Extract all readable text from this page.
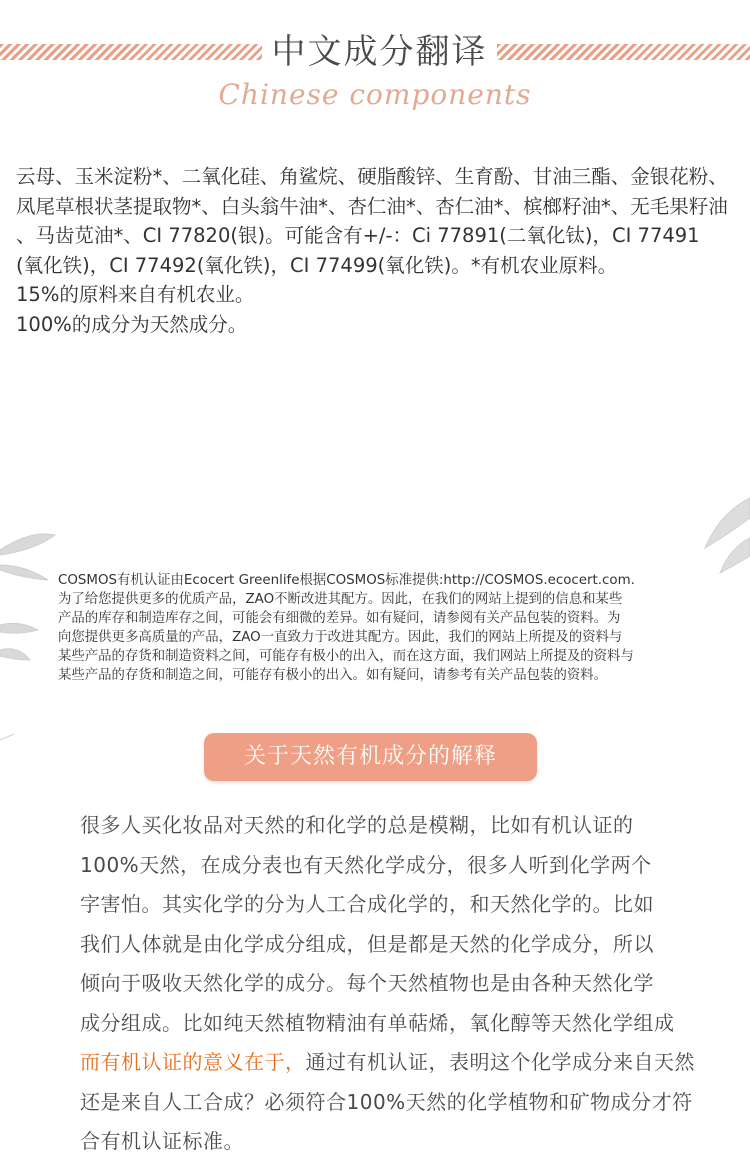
中文成分翻译
Chinese components

云母、玉米淀粉*、二氧化硅、角鲨烷、硬脂酸锌、生育酚、甘油三酯、金银花粉、

凤尾草根状茎提取物*、白头翁牛油*、杏仁油*、杏仁油*、槟榔籽油*、无毛果籽油

、马齿苋油*、CI 77820(银)。可能含有+/-：Ci 77891(二氧化钛)，CI 77491

(氧化铁)，CI 77492(氧化铁)，CI 77499(氧化铁)。*有机农业原料。

15%的原料来自有机农业。

100%的成分为天然成分。

COSMOS有机认证由Ecocert Greenlife根据COSMOS标准提供:http://COSMOS.ecocert.com.

为了给您提供更多的优质产品，ZAO不断改进其配方。因此，在我们的网站上提到的信息和某些

产品的库存和制造库存之间，可能会有细微的差异。如有疑问，请参阅有关产品包装的资料。为

向您提供更多高质量的产品，ZAO一直致力于改进其配方。因此，我们的网站上所提及的资料与

某些产品的存货和制造资料之间，可能存有极小的出入，而在这方面，我们网站上所提及的资料与

某些产品的存货和制造之间，可能存有极小的出入。如有疑问，请参考有关产品包装的资料。

关于天然有机成分的解释

很多人买化妆品对天然的和化学的总是模糊，比如有机认证的

100%天然，在成分表也有天然化学成分，很多人听到化学两个

字害怕。其实化学的分为人工合成化学的，和天然化学的。比如

我们人体就是由化学成分组成，但是都是天然的化学成分，所以

倾向于吸收天然化学的成分。每个天然植物也是由各种天然化学

成分组成。比如纯天然植物精油有单萜烯，氧化醇等天然化学组成

而有机认证的意义在于，通过有机认证，表明这个化学成分来自天然

还是来自人工合成？必须符合100%天然的化学植物和矿物成分才符

合有机认证标准。
